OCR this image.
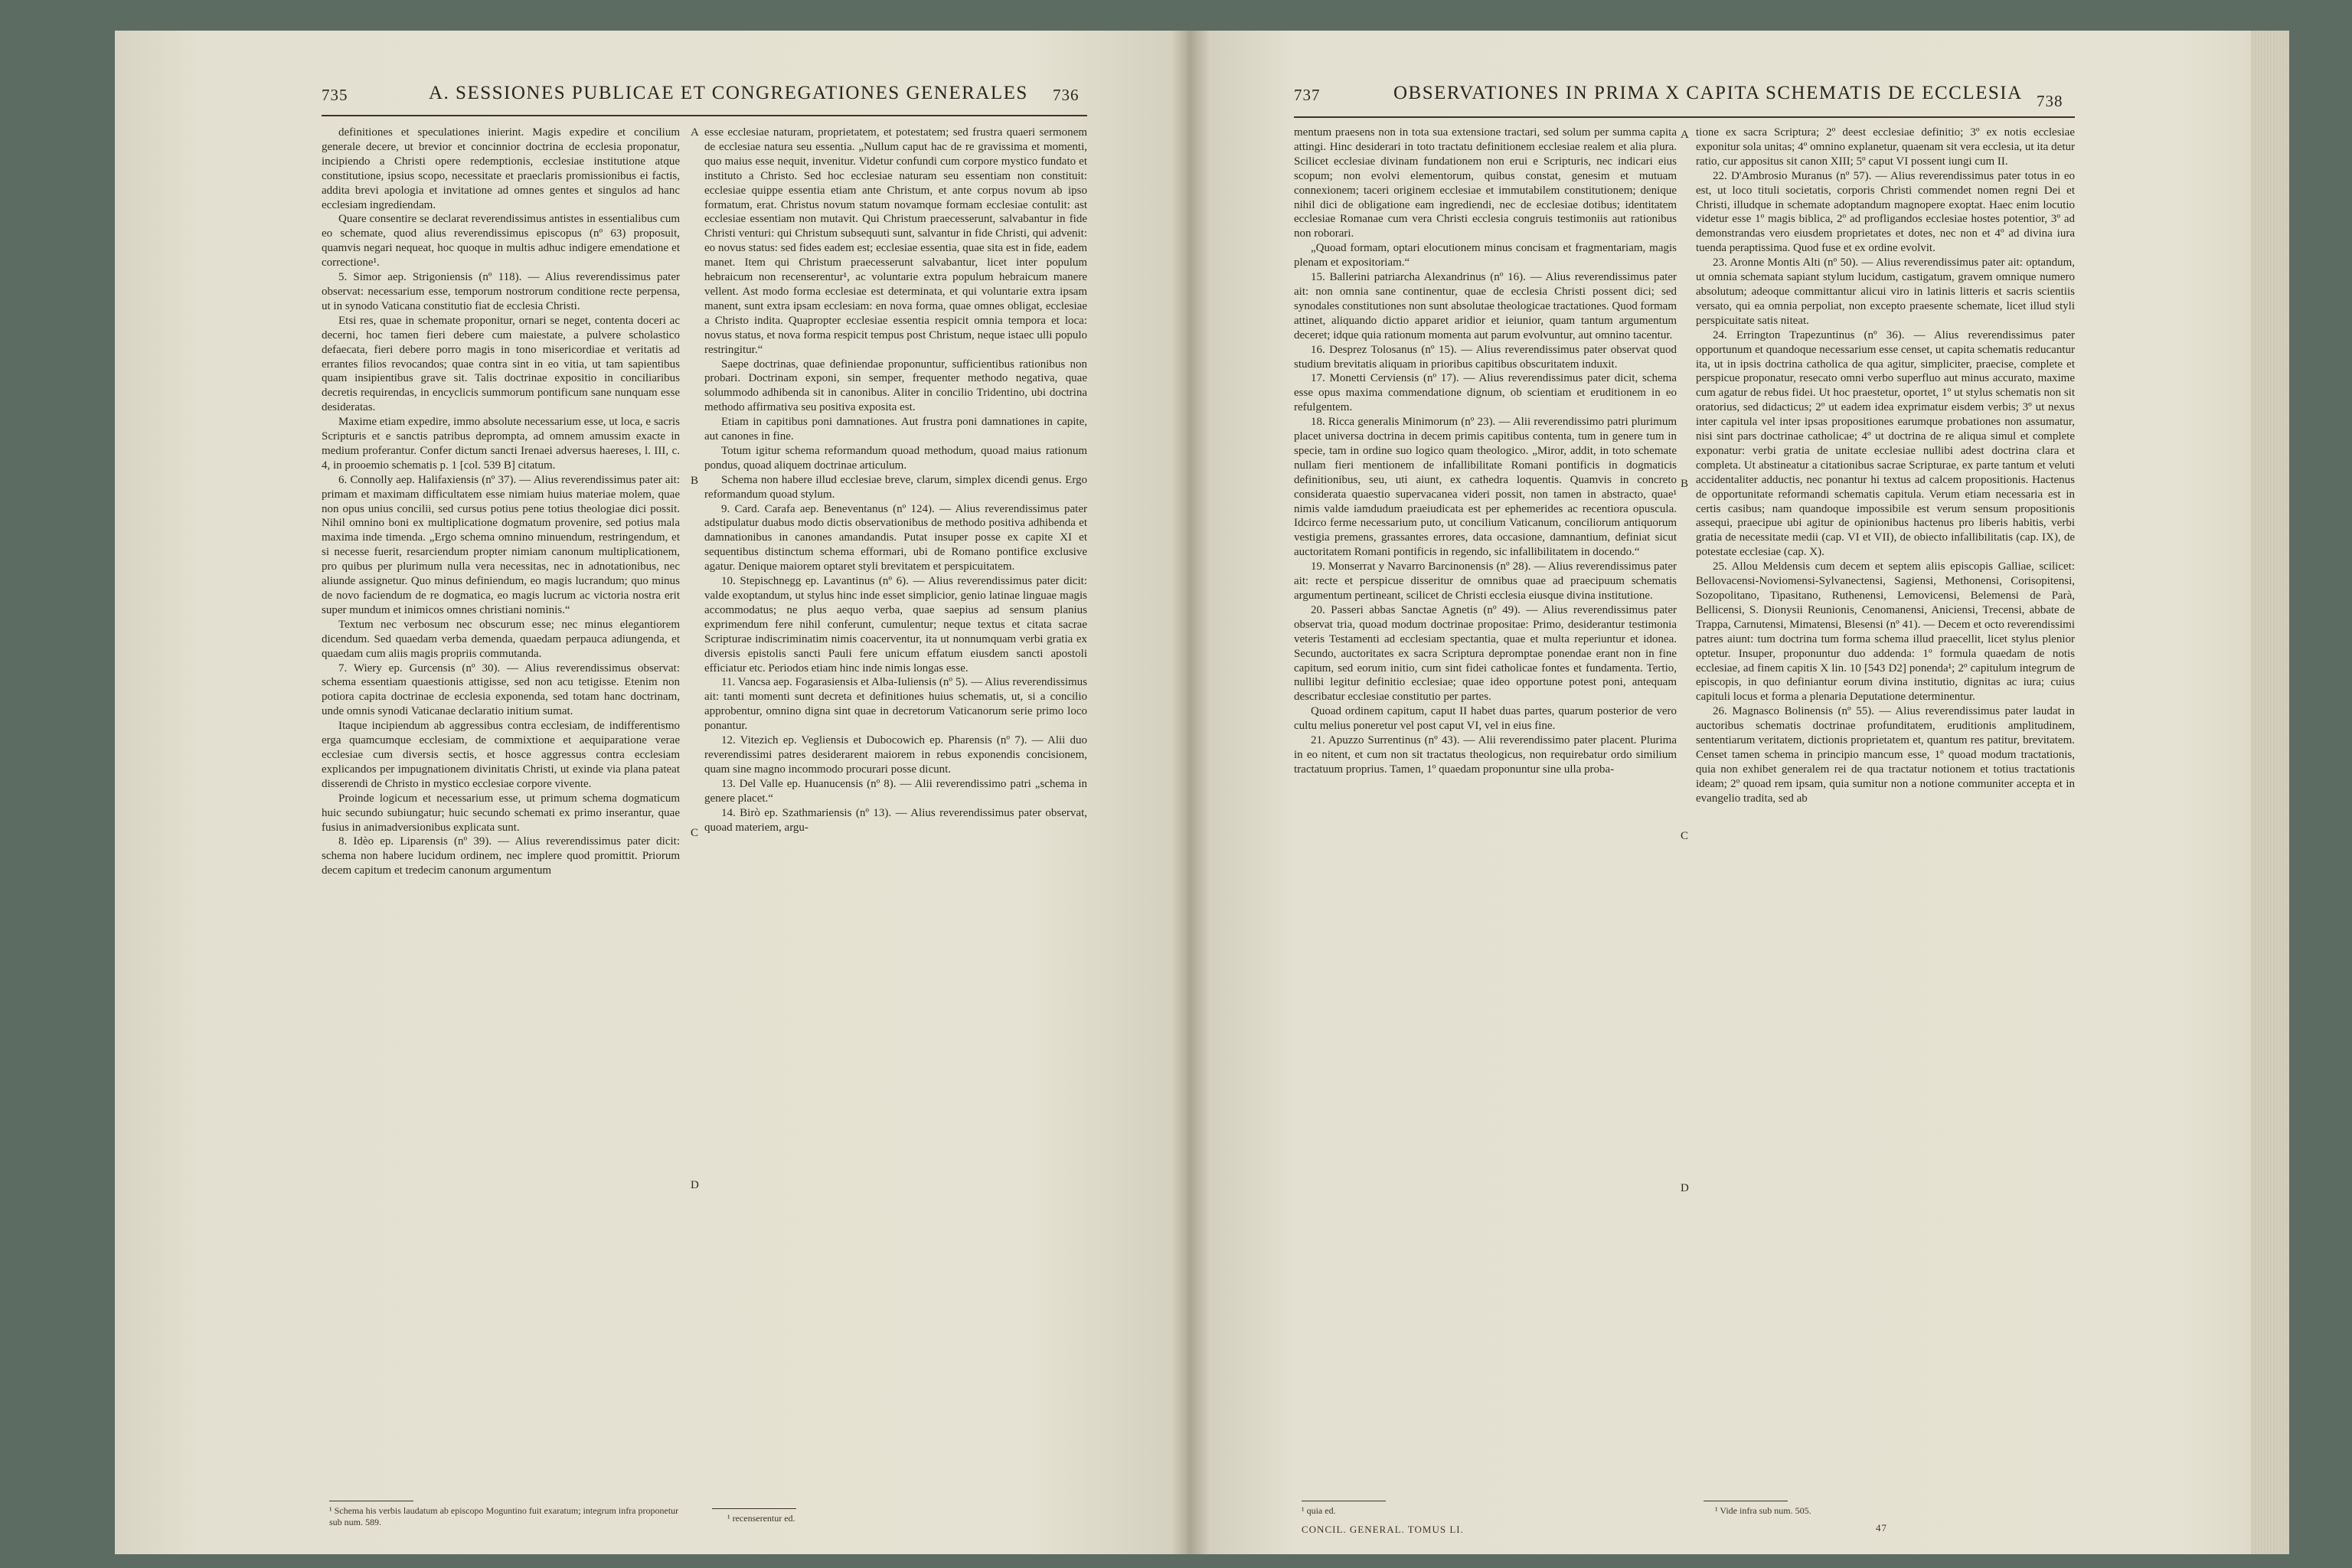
735	A. SESSIONES PUBLICAE ET CONGREGATIONES GENERALES 736

definitiones et speculationes inierint. Magis expedire et concilium generale decere, ut brevior et concinnior doctrina de ecclesia proponatur, incipiendo a Christi opere redemptionis, ecclesiae institutione atque constitutione, ipsius scopo, necessitate et praeclaris promissionibus ei factis, addita brevi apologia et invitatione ad omnes gentes et singulos ad hanc ecclesiam ingrediendam.

Quare consentire se declarat reverendissimus antistes in essentialibus cum eo schemate, quod alius reverendissimus episcopus (nº 63) proposuit, quamvis negari nequeat, hoc quoque in multis adhuc indigere emendatione et correctione¹.

5. Simor aep. Strigoniensis (nº 118). — Alius reverendissimus pater observat: necessarium esse, temporum nostrorum conditione recte perpensa, ut in synodo Vaticana constitutio fiat de ecclesia Christi.

Etsi res, quae in schemate proponitur, ornari se neget, contenta doceri ac decerni, hoc tamen fieri debere cum maiestate, a pulvere scholastico defaecata, fieri debere porro magis in tono misericordiae et veritatis ad errantes filios revocandos; quae contra sint in eo vitia, ut tam sapientibus quam insipientibus grave sit. Talis doctrinae expositio in conciliaribus decretis requirendas, in encyclicis summorum pontificum sane nunquam esse desideratas.

Maxime etiam expedire, immo absolute necessarium esse, ut loca, e sacris Scripturis et e sanctis patribus deprompta, ad omnem amussim exacte in medium proferantur. Confer dictum sancti Irenaei adversus haereses, l. III, c. 4, in prooemio schematis p. 1 [col. 539 B] citatum.

6. Connolly aep. Halifaxiensis (nº 37). — Alius reverendissimus pater ait: primam et maximam difficultatem esse nimiam huius materiae molem, quae non opus unius concilii, sed cursus potius pene totius theologiae dici possit. Nihil omnino boni ex multiplicatione dogmatum provenire, sed potius mala maxima inde timenda. „Ergo schema omnino minuendum, restringendum, et si necesse fuerit, resarciendum propter nimiam canonum multiplicationem, pro quibus per plurimum nulla vera necessitas, nec in adnotationibus, nec aliunde assignetur. Quo minus definiendum, eo magis lucrandum; quo minus de novo faciendum de re dogmatica, eo magis lucrum ac victoria nostra erit super mundum et inimicos omnes christiani nominis.“

Textum nec verbosum nec obscurum esse; nec minus elegantiorem dicendum. Sed quaedam verba demenda, quaedam perpauca adiungenda, et quaedam cum aliis magis propriis commutanda.

7. Wiery ep. Gurcensis (nº 30). — Alius reverendissimus observat: schema essentiam quaestionis attigisse, sed non acu tetigisse. Etenim non potiora capita doctrinae de ecclesia exponenda, sed totam hanc doctrinam, unde omnis synodi Vaticanae declaratio initium sumat.

Itaque incipiendum ab aggressibus contra ecclesiam, de indifferentismo erga quamcumque ecclesiam, de commixtione et aequiparatione verae ecclesiae cum diversis sectis, et hosce aggressus contra ecclesiam explicandos per impugnationem divinitatis Christi, ut exinde via plana pateat disserendi de Christo in mystico ecclesiae corpore vivente.

Proinde logicum et necessarium esse, ut primum schema dogmaticum huic secundo subiungatur; huic secundo schemati ex primo inserantur, quae fusius in animadversionibus explicata sunt.

8. Idèo ep. Liparensis (nº 39). — Alius reverendissimus pater dicit: schema non habere lucidum ordinem, nec implere quod promittit. Priorum decem capitum et tredecim canonum argumentum

¹ Schema his verbis laudatum ab episcopo Moguntino fuit exaratum; integrum infra proponetur sub num. 589.
A
B
C
D

esse ecclesiae naturam, proprietatem, et potestatem; sed frustra quaeri sermonem de ecclesiae natura seu essentia. „Nullum caput hac de re gravissima et momenti, quo maius esse nequit, invenitur. Videtur confundi cum corpore mystico fundato et instituto a Christo. Sed hoc ecclesiae naturam seu essentiam non constituit: ecclesiae quippe essentia etiam ante Christum, et ante corpus novum ab ipso formatum, erat. Christus novum statum novamque formam ecclesiae contulit: ast ecclesiae essentiam non mutavit. Qui Christum praecesserunt, salvabantur in fide Christi venturi: qui Christum subsequuti sunt, salvantur in fide Christi, qui advenit: eo novus status: sed fides eadem est; ecclesiae essentia, quae sita est in fide, eadem manet. Item qui Christum praecesserunt salvabantur, licet inter populum hebraicum non recenserentur¹, ac voluntarie extra populum hebraicum manere vellent. Ast modo forma ecclesiae est determinata, et qui voluntarie extra ipsam manent, sunt extra ipsam ecclesiam: en nova forma, quae omnes obligat, ecclesiae a Christo indita. Quapropter ecclesiae essentia respicit omnia tempora et loca: novus status, et nova forma respicit tempus post Christum, neque istaec ulli populo restringitur.“

Saepe doctrinas, quae definiendae proponuntur, sufficientibus rationibus non probari. Doctrinam exponi, sin semper, frequenter methodo negativa, quae solummodo adhibenda sit in canonibus. Aliter in concilio Tridentino, ubi doctrina methodo affirmativa seu positiva exposita est.

Etiam in capitibus poni damnationes. Aut frustra poni damnationes in capite, aut canones in fine.

Totum igitur schema reformandum quoad methodum, quoad maius rationum pondus, quoad aliquem doctrinae articulum.

Schema non habere illud ecclesiae breve, clarum, simplex dicendi genus. Ergo reformandum quoad stylum.

9. Card. Carafa aep. Beneventanus (nº 124). — Alius reverendissimus pater adstipulatur duabus modo dictis observationibus de methodo positiva adhibenda et damnationibus in canones amandandis. Putat insuper posse ex capite XI et sequentibus distinctum schema efformari, ubi de Romano pontifice exclusive agatur. Denique maiorem optaret styli brevitatem et perspicuitatem.

10. Stepischnegg ep. Lavantinus (nº 6). — Alius reverendissimus pater dicit: valde exoptandum, ut stylus hinc inde esset simplicior, genio latinae linguae magis accommodatus; ne plus aequo verba, quae saepius ad sensum planius exprimendum fere nihil conferunt, cumulentur; neque textus et citata sacrae Scripturae indiscriminatim nimis coacerventur, ita ut nonnumquam verbi gratia ex diversis epistolis sancti Pauli fere unicum effatum eiusdem sancti apostoli efficiatur etc. Periodos etiam hinc inde nimis longas esse.

11. Vancsa aep. Fogarasiensis et Alba-Iuliensis (nº 5). — Alius reverendissimus ait: tanti momenti sunt decreta et definitiones huius schematis, ut, si a concilio approbentur, omnino digna sint quae in decretorum Vaticanorum serie primo loco ponantur.

12. Vitezich ep. Vegliensis et Dubocowich ep. Pharensis (nº 7). — Alii duo reverendissimi patres desiderarent maiorem in rebus exponendis concisionem, quam sine magno incommodo procurari posse dicunt.

13. Del Valle ep. Huanucensis (nº 8). — Alii reverendissimo patri „schema in genere placet.“

14. Birò ep. Szathmariensis (nº 13). — Alius reverendissimus pater observat, quoad materiem, argu-

¹ recenserentur ed.
737	OBSERVATIONES IN PRIMA X CAPITA SCHEMATIS DE ECCLESIA 738

mentum praesens non in tota sua extensione tractari, sed solum per summa capita attingi. Hinc desiderari in toto tractatu definitionem ecclesiae realem et alia plura. Scilicet ecclesiae divinam fundationem non erui e Scripturis, nec indicari eius scopum; non evolvi elementorum, quibus constat, genesim et mutuam connexionem; taceri originem ecclesiae et immutabilem constitutionem; denique nihil dici de obligatione eam ingrediendi, nec de ecclesiae dotibus; identitatem ecclesiae Romanae cum vera Christi ecclesia congruis testimoniis aut rationibus non roborari.

„Quoad formam, optari elocutionem minus concisam et fragmentariam, magis plenam et expositoriam.“

15. Ballerini patriarcha Alexandrinus (nº 16). — Alius reverendissimus pater ait: non omnia sane continentur, quae de ecclesia Christi possent dici; sed synodales constitutiones non sunt absolutae theologicae tractationes. Quod formam attinet, aliquando dictio apparet aridior et ieiunior, quam tantum argumentum deceret; idque quia rationum momenta aut parum evolvuntur, aut omnino tacentur.

16. Desprez Tolosanus (nº 15). — Alius reverendissimus pater observat quod studium brevitatis aliquam in prioribus capitibus obscuritatem induxit.

17. Monetti Cerviensis (nº 17). — Alius reverendissimus pater dicit, schema esse opus maxima commendatione dignum, ob scientiam et eruditionem in eo refulgentem.

18. Ricca generalis Minimorum (nº 23). — Alii reverendissimo patri plurimum placet universa doctrina in decem primis capitibus contenta, tum in genere tum in specie, tam in ordine suo logico quam theologico. „Miror, addit, in toto schemate nullam fieri mentionem de infallibilitate Romani pontificis in dogmaticis definitionibus, seu, uti aiunt, ex cathedra loquentis. Quamvis in concreto considerata quaestio supervacanea videri possit, non tamen in abstracto, quae¹ nimis valde iamdudum praeiudicata est per ephemerides ac recentiora opuscula. Idcirco ferme necessarium puto, ut concilium Vaticanum, conciliorum antiquorum vestigia premens, grassantes errores, data occasione, damnantium, definiat sicut auctoritatem Romani pontificis in regendo, sic infallibilitatem in docendo.“

19. Monserrat y Navarro Barcinonensis (nº 28). — Alius reverendissimus pater ait: recte et perspicue disseritur de omnibus quae ad praecipuum schematis argumentum pertineant, scilicet de Christi ecclesia eiusque divina institutione.

20. Passeri abbas Sanctae Agnetis (nº 49). — Alius reverendissimus pater observat tria, quoad modum doctrinae propositae: Primo, desiderantur testimonia veteris Testamenti ad ecclesiam spectantia, quae et multa reperiuntur et idonea. Secundo, auctoritates ex sacra Scriptura depromptae ponendae erant non in fine capitum, sed eorum initio, cum sint fidei catholicae fontes et fundamenta. Tertio, nullibi legitur definitio ecclesiae; quae ideo opportune potest poni, antequam describatur ecclesiae constitutio per partes.

Quoad ordinem capitum, caput II habet duas partes, quarum posterior de vero cultu melius poneretur vel post caput VI, vel in eius fine.

21. Apuzzo Surrentinus (nº 43). — Alii reverendissimo pater placent. Plurima in eo nitent, et cum non sit tractatus theologicus, non requirebatur ordo similium tractatuum proprius. Tamen, 1º quaedam proponuntur sine ulla proba-

¹ quia ed.
CONCIL. GENERAL. TOMUS LI.
A
B
C
D

tione ex sacra Scriptura; 2º deest ecclesiae definitio; 3º ex notis ecclesiae exponitur sola unitas; 4º omnino explanetur, quaenam sit vera ecclesia, ut ita detur ratio, cur appositus sit canon XIII; 5º caput VI possent iungi cum II.

22. D'Ambrosio Muranus (nº 57). — Alius reverendissimus pater totus in eo est, ut loco tituli societatis, corporis Christi commendet nomen regni Dei et Christi, illudque in schemate adoptandum magnopere exoptat. Haec enim locutio videtur esse 1º magis biblica, 2º ad profligandos ecclesiae hostes potentior, 3º ad demonstrandas vero eiusdem proprietates et dotes, nec non et 4º ad divina iura tuenda peraptissima. Quod fuse et ex ordine evolvit.

23. Aronne Montis Alti (nº 50). — Alius reverendissimus pater ait: optandum, ut omnia schemata sapiant stylum lucidum, castigatum, gravem omnique numero absolutum; adeoque committantur alicui viro in latinis litteris et sacris scientiis versato, qui ea omnia perpoliat, non excepto praesente schemate, licet illud styli perspicuitate satis niteat.

24. Errington Trapezuntinus (nº 36). — Alius reverendissimus pater opportunum et quandoque necessarium esse censet, ut capita schematis reducantur ita, ut in ipsis doctrina catholica de qua agitur, simpliciter, praecise, complete et perspicue proponatur, resecato omni verbo superfluo aut minus accurato, maxime cum agatur de rebus fidei. Ut hoc praestetur, oportet, 1º ut stylus schematis non sit oratorius, sed didacticus; 2º ut eadem idea exprimatur eisdem verbis; 3º ut nexus inter capitula vel inter ipsas propositiones earumque probationes non assumatur, nisi sint pars doctrinae catholicae; 4º ut doctrina de re aliqua simul et complete exponatur: verbi gratia de unitate ecclesiae nullibi adest doctrina clara et completa. Ut abstineatur a citationibus sacrae Scripturae, ex parte tantum et veluti accidentaliter adductis, nec ponantur hi textus ad calcem propositionis. Hactenus de opportunitate reformandi schematis capitula. Verum etiam necessaria est in certis casibus; nam quandoque impossibile est verum sensum propositionis assequi, praecipue ubi agitur de opinionibus hactenus pro liberis habitis, verbi gratia de necessitate medii (cap. VI et VII), de obiecto infallibilitatis (cap. IX), de potestate ecclesiae (cap. X).

25. Allou Meldensis cum decem et septem aliis episcopis Galliae, scilicet: Bellovacensi-Noviomensi-Sylvanectensi, Sagiensi, Methonensi, Corisopitensi, Sozopolitano, Tipasitano, Ruthenensi, Lemovicensi, Belemensi de Parà, Bellicensi, S. Dionysii Reunionis, Cenomanensi, Aniciensi, Trecensi, abbate de Trappa, Carnutensi, Mimatensi, Blesensi (nº 41). — Decem et octo reverendissimi patres aiunt: tum doctrina tum forma schema illud praecellit, licet stylus plenior optetur. Insuper, proponuntur duo addenda: 1º formula quaedam de notis ecclesiae, ad finem capitis X lin. 10 [543 D2] ponenda¹; 2º capitulum integrum de episcopis, in quo definiantur eorum divina institutio, dignitas ac iura; cuius capituli locus et forma a plenaria Deputatione determinentur.

26. Magnasco Bolinensis (nº 55). — Alius reverendissimus pater laudat in auctoribus schematis doctrinae profunditatem, eruditionis amplitudinem, sententiarum veritatem, dictionis proprietatem et, quantum res patitur, brevitatem. Censet tamen schema in principio mancum esse, 1º quoad modum tractationis, quia non exhibet generalem rei de qua tractatur notionem et totius tractationis ideam; 2º quoad rem ipsam, quia sumitur non a notione communiter accepta et in evangelio tradita, sed ab

¹ Vide infra sub num. 505.
47
